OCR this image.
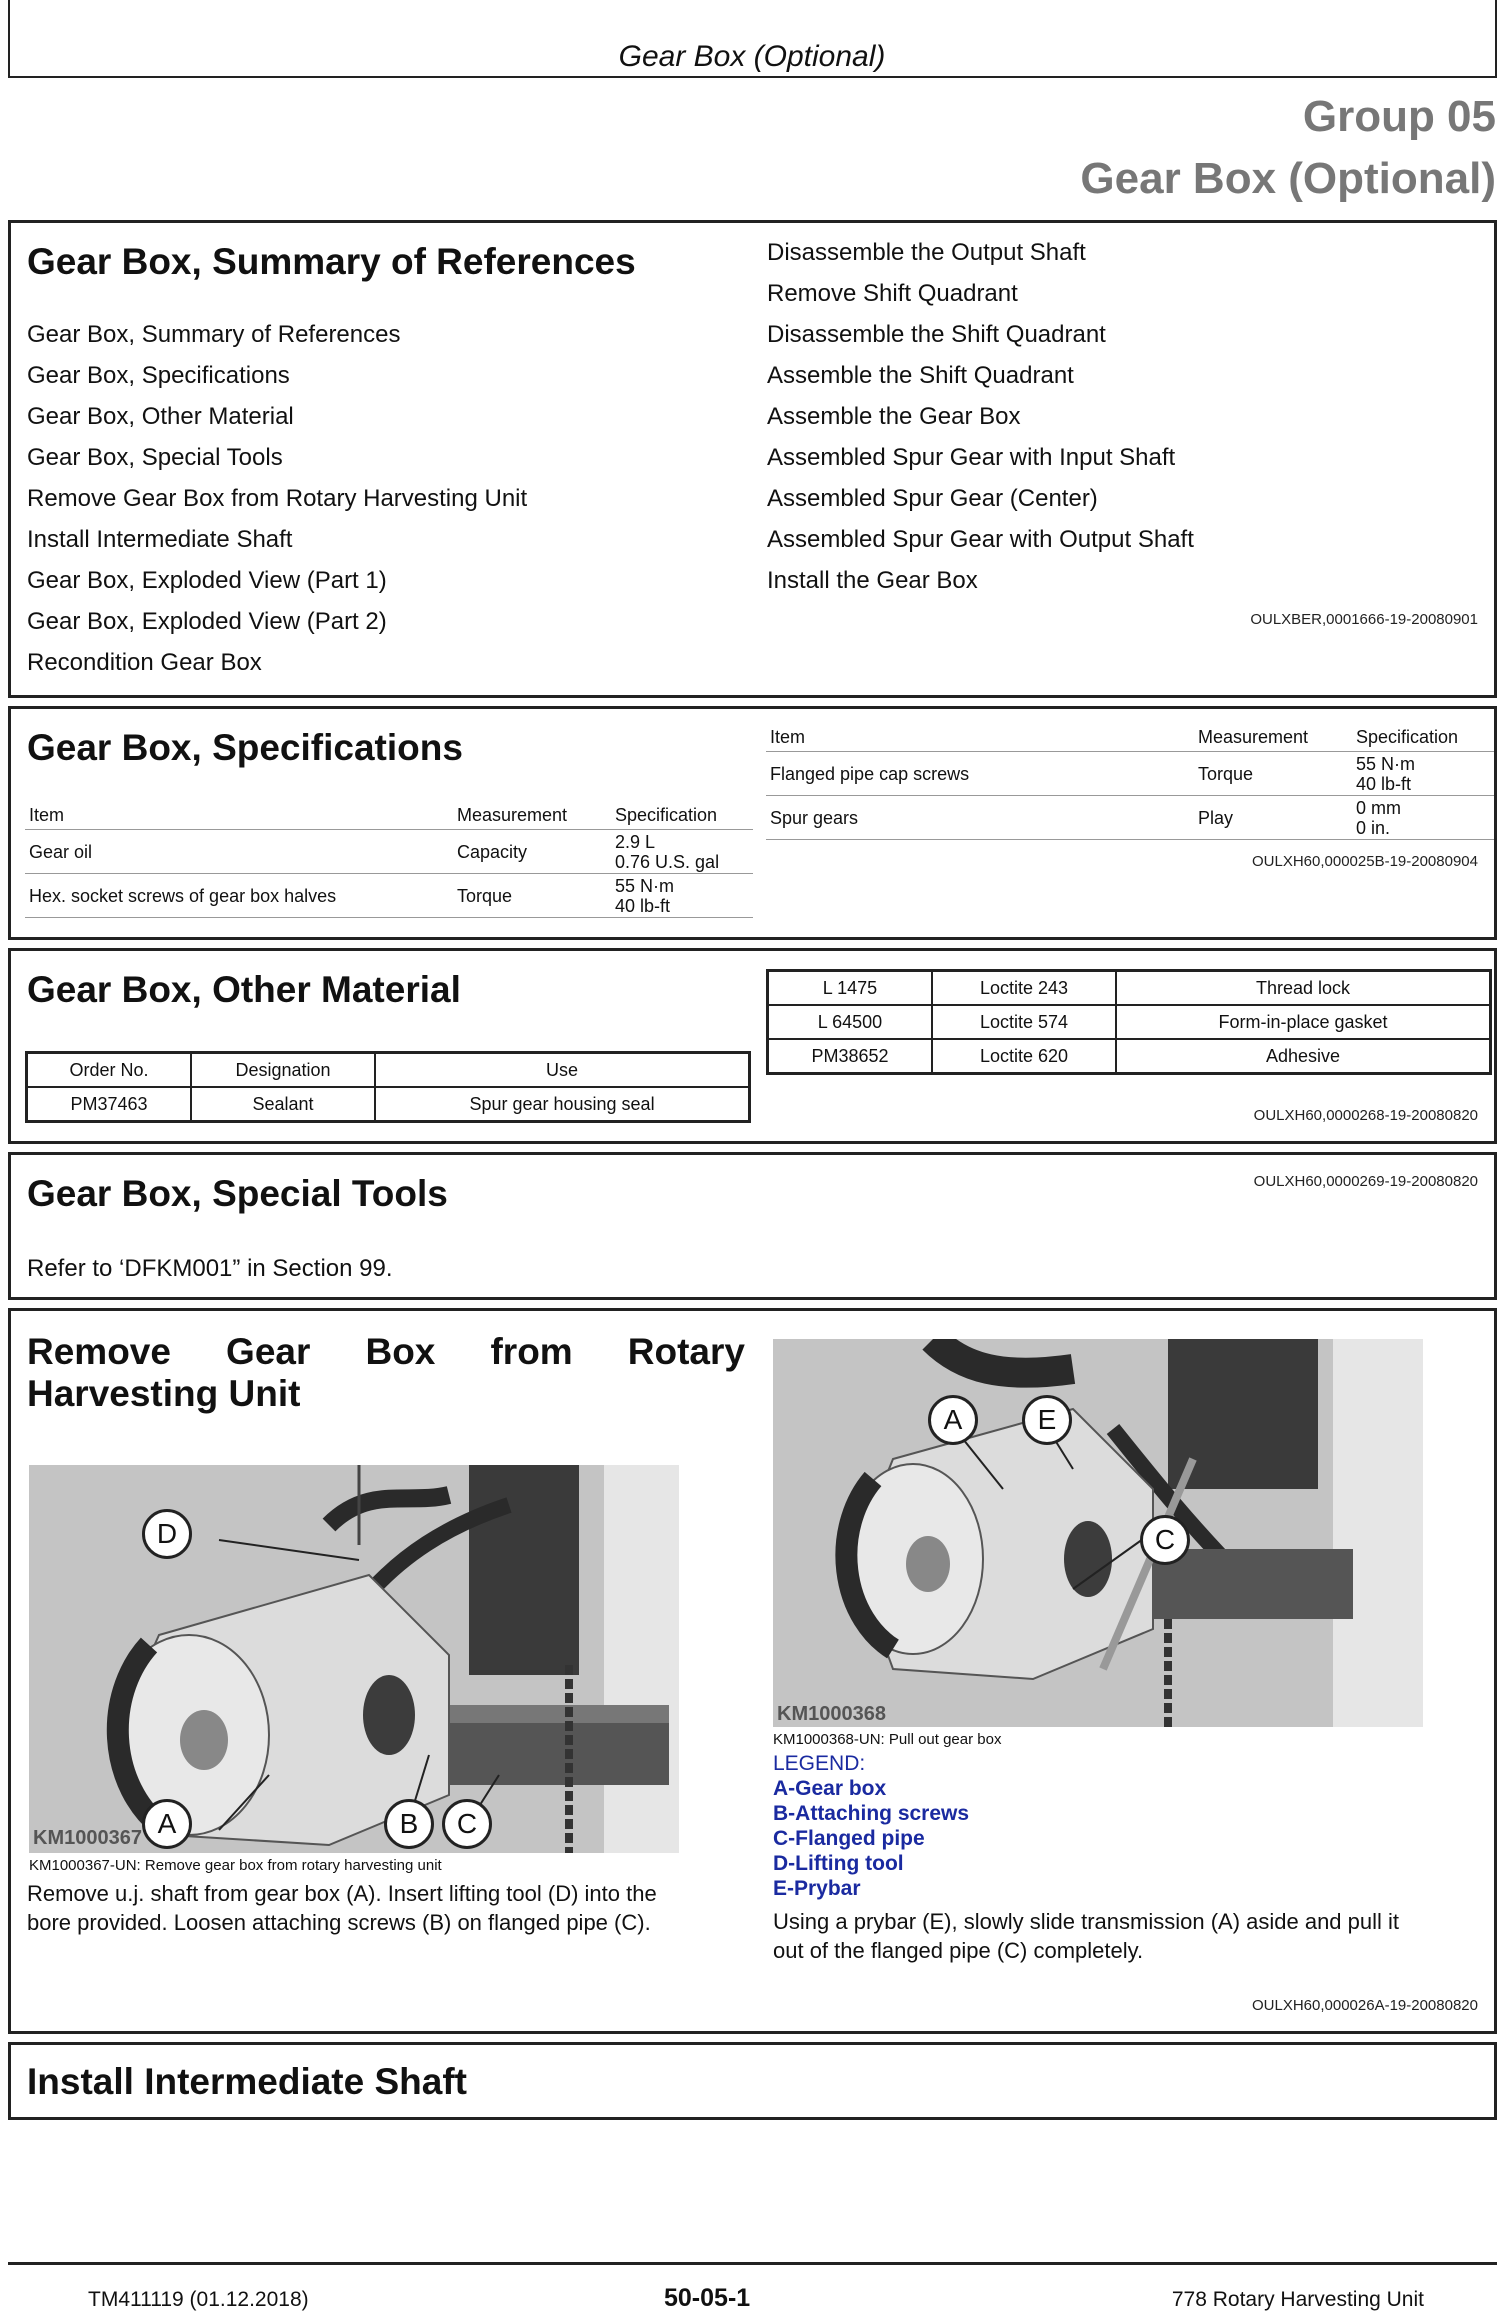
Gear Box (Optional)
Group 05
Gear Box (Optional)
Gear Box, Summary of References
Gear Box, Summary of References
Gear Box, Specifications
Gear Box, Other Material
Gear Box, Special Tools
Remove Gear Box from Rotary Harvesting Unit
Install Intermediate Shaft
Gear Box, Exploded View (Part 1)
Gear Box, Exploded View (Part 2)
Recondition Gear Box
Disassemble the Output Shaft
Remove Shift Quadrant
Disassemble the Shift Quadrant
Assemble the Shift Quadrant
Assemble the Gear Box
Assembled Spur Gear with Input Shaft
Assembled Spur Gear (Center)
Assembled Spur Gear with Output Shaft
Install the Gear Box
OULXBER,0001666-19-20080901
Gear Box, Specifications
Item	Measurement	Specification
Gear oil	Capacity	2.9 L
0.76 U.S. gal
Hex. socket screws of gear box halves	Torque	55 N·m
40 lb-ft
Item	Measurement	Specification
Flanged pipe cap screws	Torque	55 N·m
40 lb-ft
Spur gears	Play	0 mm
0 in.
OULXH60,000025B-19-20080904
Gear Box, Other Material
Order No.	Designation	Use
PM37463	Sealant	Spur gear housing seal
L 1475	Loctite 243	Thread lock
L 64500	Loctite 574	Form-in-place gasket
PM38652	Loctite 620	Adhesive
OULXH60,0000268-19-20080820
Gear Box, Special Tools
Refer to ‘DFKM001” in Section 99.
OULXH60,0000269-19-20080820
Remove Gear Box from Rotary
Harvesting Unit
D
A	B	C
KM1000367
KM1000367-UN: Remove gear box from rotary harvesting unit
Remove u.j. shaft from gear box (A). Insert lifting tool (D) into the
bore provided. Loosen attaching screws (B) on flanged pipe (C).
A	E
C
KM1000368
KM1000368-UN: Pull out gear box
LEGEND:
A-Gear box
B-Attaching screws
C-Flanged pipe
D-Lifting tool
E-Prybar
Using a prybar (E), slowly slide transmission (A) aside and pull it
out of the flanged pipe (C) completely.
OULXH60,000026A-19-20080820
Install Intermediate Shaft
TM411119 (01.12.2018)	50-05-1	778 Rotary Harvesting Unit
